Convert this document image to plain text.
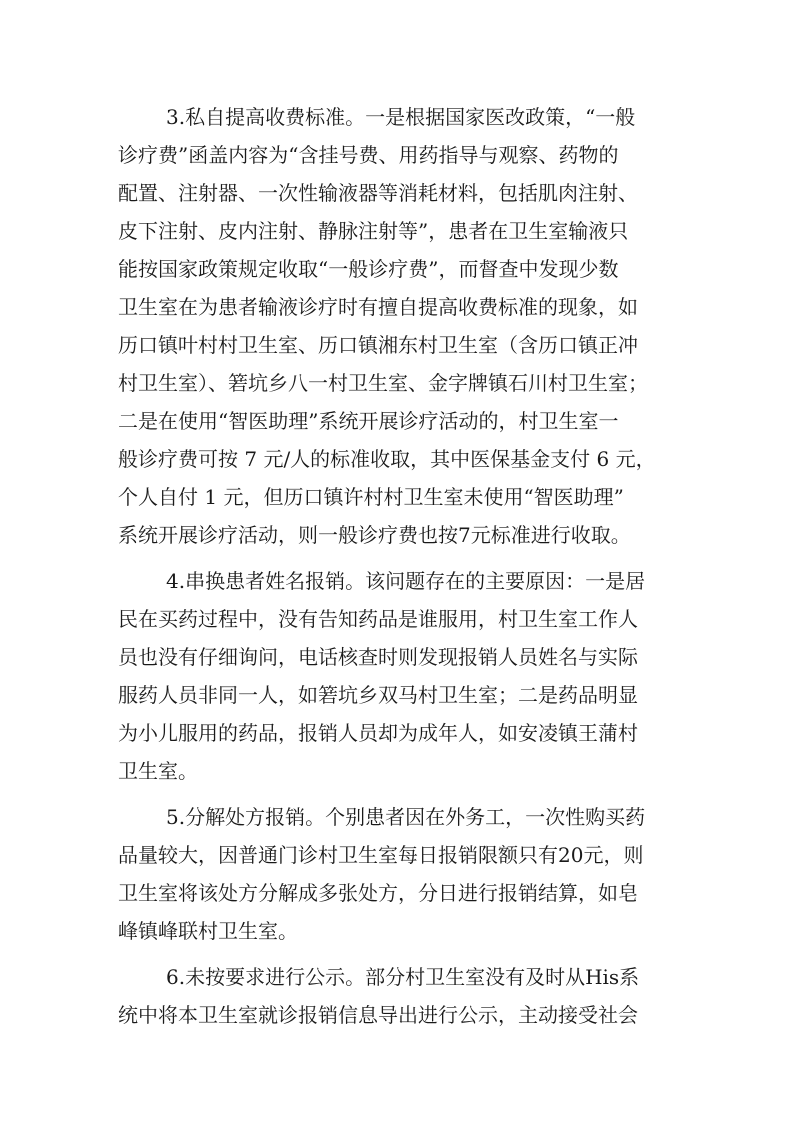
3.私自提高收费标准。一是根据国家医改政策，“一般
诊疗费”函盖内容为“含挂号费、用药指导与观察、药物的
配置、注射器、一次性输液器等消耗材料，包括肌肉注射、
皮下注射、皮内注射、静脉注射等”，患者在卫生室输液只
能按国家政策规定收取“一般诊疗费”，而督查中发现少数
卫生室在为患者输液诊疗时有擅自提高收费标准的现象，如
历口镇叶村村卫生室、历口镇湘东村卫生室（含历口镇正冲
村卫生室）、箬坑乡八一村卫生室、金字牌镇石川村卫生室；
二是在使用“智医助理”系统开展诊疗活动的，村卫生室一
般诊疗费可按 7 元/人的标准收取，其中医保基金支付 6 元，
个人自付 1 元，但历口镇许村村卫生室未使用“智医助理”
系统开展诊疗活动，则一般诊疗费也按7元标准进行收取。
4.串换患者姓名报销。该问题存在的主要原因：一是居
民在买药过程中，没有告知药品是谁服用，村卫生室工作人
员也没有仔细询问，电话核查时则发现报销人员姓名与实际
服药人员非同一人，如箬坑乡双马村卫生室；二是药品明显
为小儿服用的药品，报销人员却为成年人，如安凌镇王蒲村
卫生室。
5.分解处方报销。个别患者因在外务工，一次性购买药
品量较大，因普通门诊村卫生室每日报销限额只有20元，则
卫生室将该处方分解成多张处方，分日进行报销结算，如皂
峰镇峰联村卫生室。
6.未按要求进行公示。部分村卫生室没有及时从His系
统中将本卫生室就诊报销信息导出进行公示，主动接受社会
